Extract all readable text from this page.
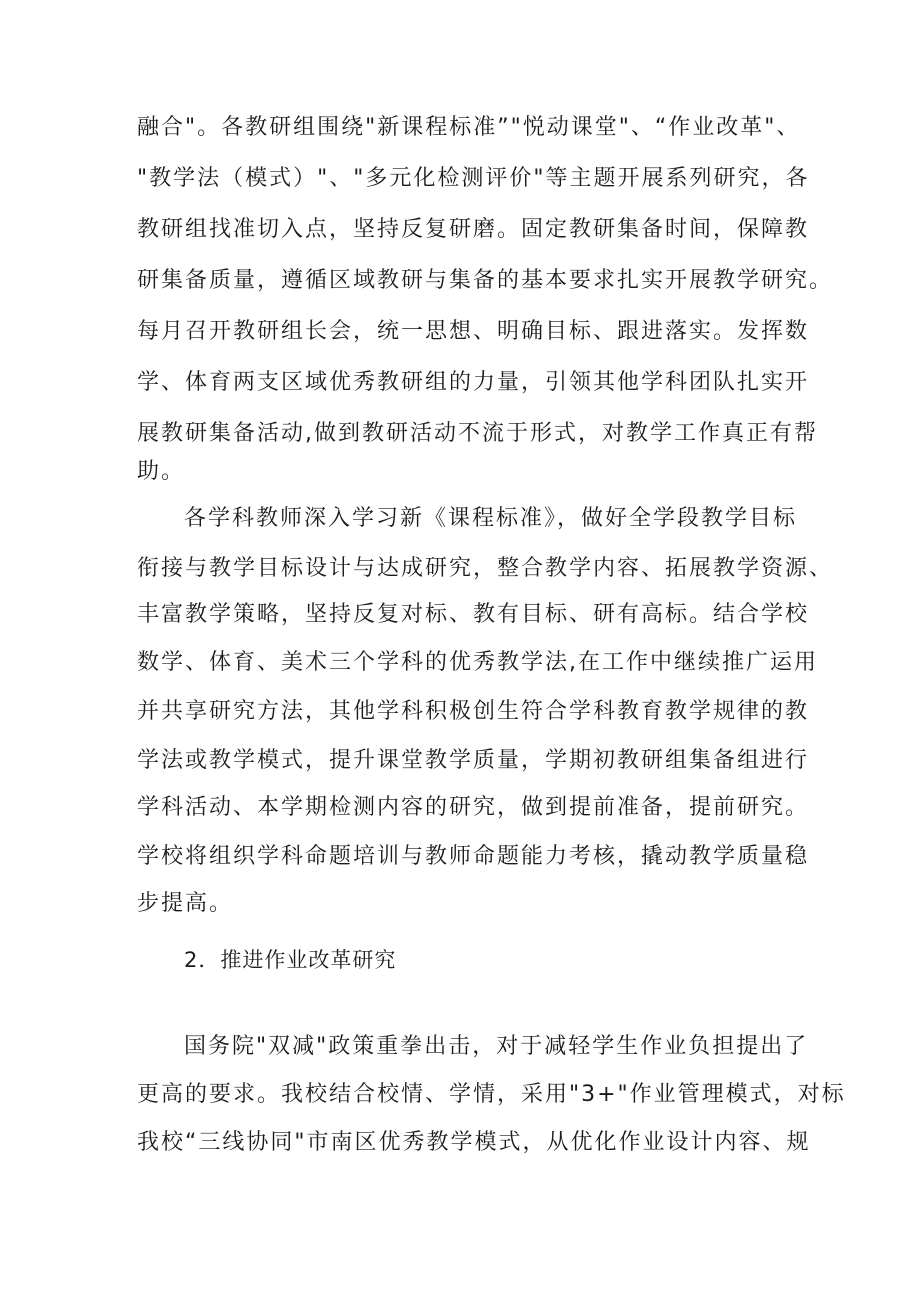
融合"。各教研组围绕"新课程标准”"悦动课堂"、“作业改革"、
"教学法（模式）"、"多元化检测评价"等主题开展系列研究，各
教研组找准切入点，坚持反复研磨。固定教研集备时间，保障教
研集备质量，遵循区域教研与集备的基本要求扎实开展教学研究。
每月召开教研组长会，统一思想、明确目标、跟进落实。发挥数
学、体育两支区域优秀教研组的力量，引领其他学科团队扎实开
展教研集备活动,做到教研活动不流于形式，对教学工作真正有帮
助。
各学科教师深入学习新《课程标准》，做好全学段教学目标
衔接与教学目标设计与达成研究，整合教学内容、拓展教学资源、
丰富教学策略，坚持反复对标、教有目标、研有高标。结合学校
数学、体育、美术三个学科的优秀教学法,在工作中继续推广运用
并共享研究方法，其他学科积极创生符合学科教育教学规律的教
学法或教学模式，提升课堂教学质量，学期初教研组集备组进行
学科活动、本学期检测内容的研究，做到提前准备，提前研究。
学校将组织学科命题培训与教师命题能力考核，撬动教学质量稳
步提高。
2．推进作业改革研究
国务院"双减"政策重拳出击，对于减轻学生作业负担提出了
更高的要求。我校结合校情、学情，采用"3+"作业管理模式，对标
我校“三线协同"市南区优秀教学模式，从优化作业设计内容、规
